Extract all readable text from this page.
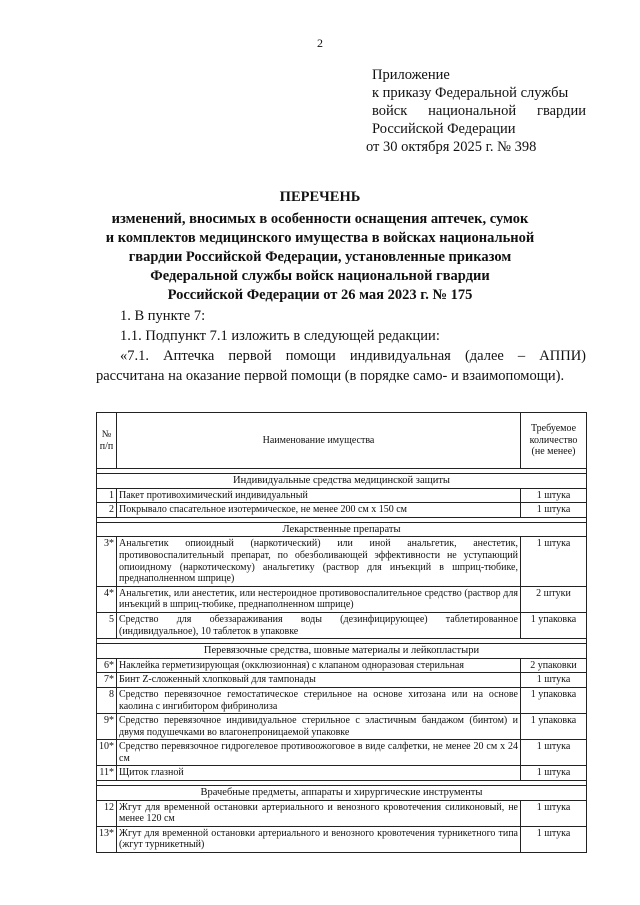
2
Приложение
к приказу Федеральной службы
войск национальной гвардии
Российской Федерации
от 30 октября 2025 г. № 398
ПЕРЕЧЕНЬ
изменений, вносимых в особенности оснащения аптечек, сумок
и комплектов медицинского имущества в войсках национальной
гвардии Российской Федерации, установленные приказом
Федеральной службы войск национальной гвардии
Российской Федерации от 26 мая 2023 г. № 175
1. В пункте 7:
1.1. Подпункт 7.1 изложить в следующей редакции:
«7.1. Аптечка первой помощи индивидуальная (далее – АППИ)
рассчитана на оказание первой помощи (в порядке само- и взаимопомощи).
№ п/п	Наименование имущества	Требуемое количество (не менее)

Индивидуальные средства медицинской защиты		
1	Пакет противохимический индивидуальный	1 штука
2	Покрывало спасательное изотермическое, не менее 200 см х 150 см	1 штука

Лекарственные препараты		
3*	Анальгетик опиоидный (наркотический) или иной анальгетик, анестетик, противовоспалительный препарат, по обезболивающей эффективности не уступающий опиоидному (наркотическому) анальгетику (раствор для инъекций в шприц-тюбике, преднаполненном шприце)	1 штука
4*	Анальгетик, или анестетик, или нестероидное противовоспалительное средство (раствор для инъекций в шприц-тюбике, преднаполненном шприце)	2 штуки
5	Средство для обеззараживания воды (дезинфицирующее) таблетированное (индивидуальное), 10 таблеток в упаковке	1 упаковка

Перевязочные средства, шовные материалы и лейкопластыри		
6*	Наклейка герметизирующая (окклюзионная) с клапаном одноразовая стерильная	2 упаковки
7*	Бинт Z-сложенный хлопковый для тампонады	1 штука
8	Средство перевязочное гемостатическое стерильное на основе хитозана или на основе каолина с ингибитором фибринолиза	1 упаковка
9*	Средство перевязочное индивидуальное стерильное с эластичным бандажом (бинтом) и двумя подушечками во влагонепроницаемой упаковке	1 упаковка
10*	Средство перевязочное гидрогелевое противоожоговое в виде салфетки, не менее 20 см х 24 см	1 штука
11*	Щиток глазной	1 штука

Врачебные предметы, аппараты и хирургические инструменты		
12	Жгут для временной остановки артериального и венозного кровотечения силиконовый, не менее 120 см	1 штука
13*	Жгут для временной остановки артериального и венозного кровотечения турникетного типа (жгут турникетный)	1 штука
